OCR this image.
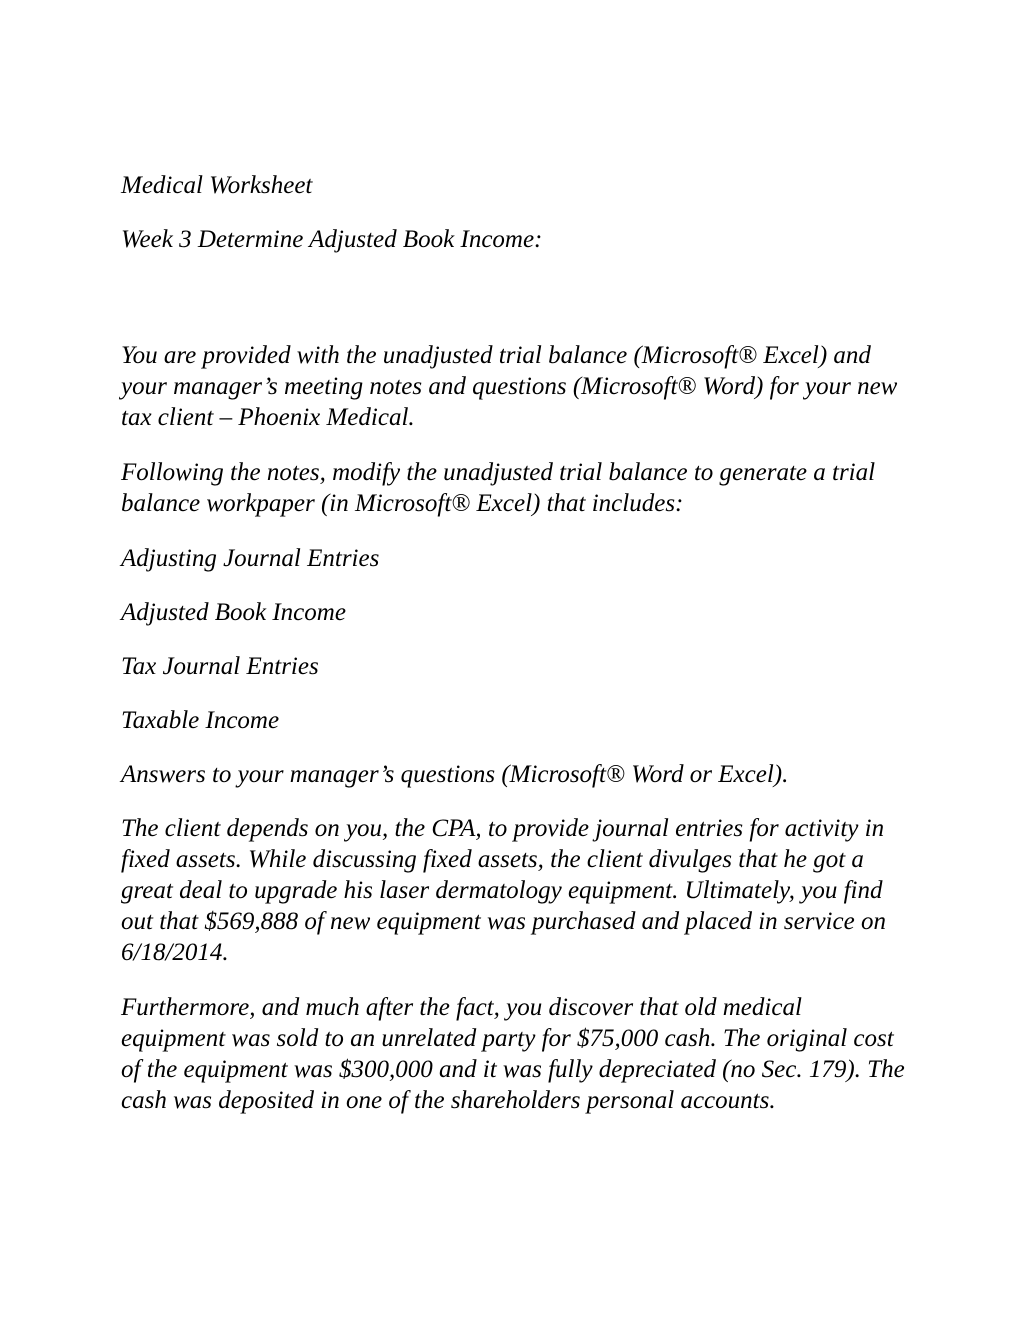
Medical Worksheet

Week 3 Determine Adjusted Book Income:

You are provided with the unadjusted trial balance (Microsoft® Excel) and your manager’s meeting notes and questions (Microsoft® Word) for your new tax client – Phoenix Medical.

Following the notes, modify the unadjusted trial balance to generate a trial balance workpaper (in Microsoft® Excel) that includes:

Adjusting Journal Entries

Adjusted Book Income

Tax Journal Entries

Taxable Income

Answers to your manager’s questions (Microsoft® Word or Excel).

The client depends on you, the CPA, to provide journal entries for activity in fixed assets. While discussing fixed assets, the client divulges that he got a great deal to upgrade his laser dermatology equipment. Ultimately, you find out that $569,888 of new equipment was purchased and placed in service on 6/18/2014.

Furthermore, and much after the fact, you discover that old medical equipment was sold to an unrelated party for $75,000 cash. The original cost of the equipment was $300,000 and it was fully depreciated (no Sec. 179). The cash was deposited in one of the shareholders personal accounts.
